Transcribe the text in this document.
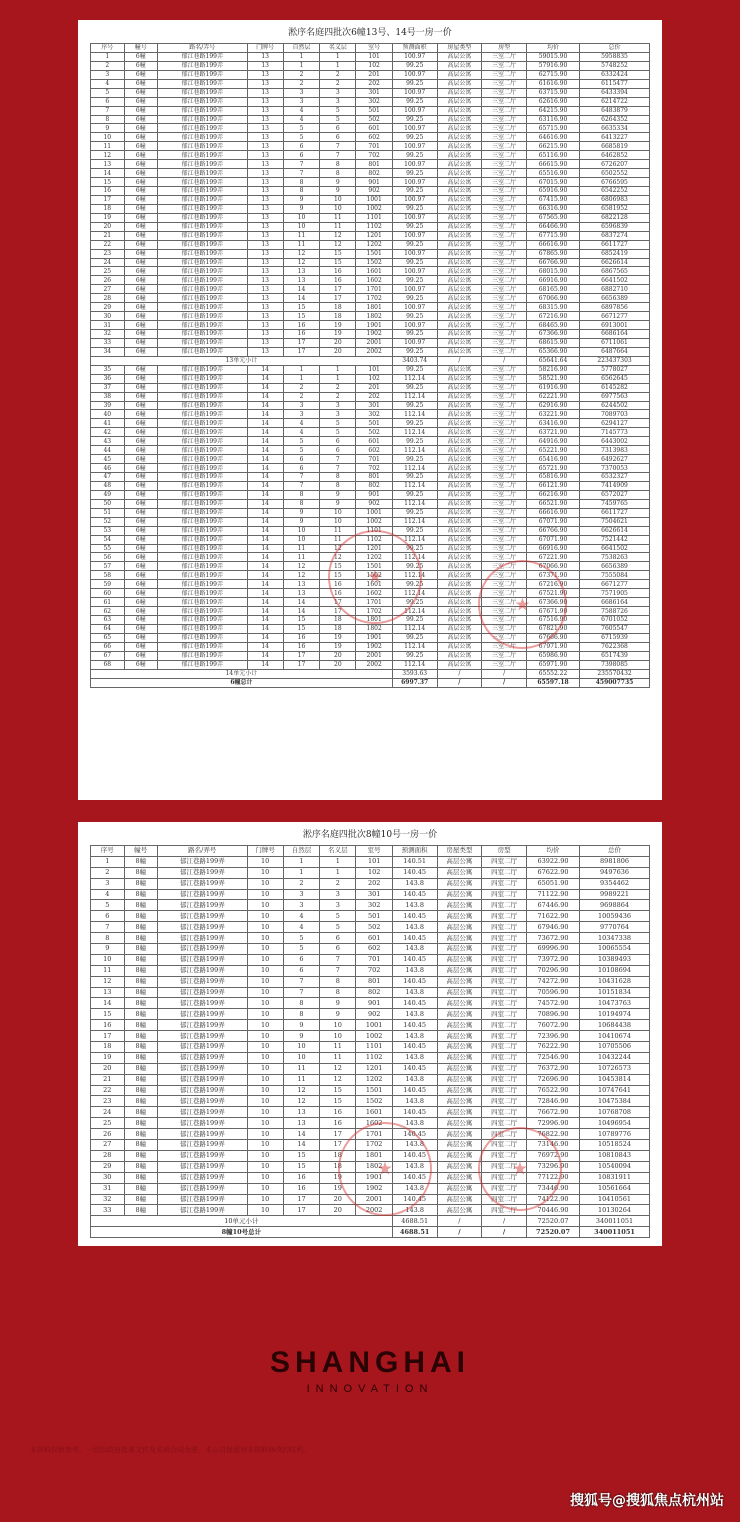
淞序名庭四批次6幢13号、14号一房一价
序号	幢号	路名/弄号	门牌号	自然层	名义层	室号	预测面积	房屋类型	房型	均价	总价
1	6幢	郁江巷路199弄	13	1	1	101	100.97	高层公寓	三室二厅	59015.90	5958835
2	6幢	郁江巷路199弄	13	1	1	102	99.25	高层公寓	三室二厅	57916.90	5748252
3	6幢	郁江巷路199弄	13	2	2	201	100.97	高层公寓	三室二厅	62715.90	6332424
4	6幢	郁江巷路199弄	13	2	2	202	99.25	高层公寓	三室二厅	61616.90	6115477
5	6幢	郁江巷路199弄	13	3	3	301	100.97	高层公寓	三室二厅	63715.90	6433394
6	6幢	郁江巷路199弄	13	3	3	302	99.25	高层公寓	三室二厅	62616.90	6214722
7	6幢	郁江巷路199弄	13	4	5	501	100.97	高层公寓	三室二厅	64215.90	6483879
8	6幢	郁江巷路199弄	13	4	5	502	99.25	高层公寓	三室二厅	63116.90	6264352
9	6幢	郁江巷路199弄	13	5	6	601	100.97	高层公寓	三室二厅	65715.90	6635334
10	6幢	郁江巷路199弄	13	5	6	602	99.25	高层公寓	三室二厅	64616.90	6413227
11	6幢	郁江巷路199弄	13	6	7	701	100.97	高层公寓	三室二厅	66215.90	6685819
12	6幢	郁江巷路199弄	13	6	7	702	99.25	高层公寓	三室二厅	65116.90	6462852
13	6幢	郁江巷路199弄	13	7	8	801	100.97	高层公寓	三室二厅	66615.90	6726207
14	6幢	郁江巷路199弄	13	7	8	802	99.25	高层公寓	三室二厅	65516.90	6502552
15	6幢	郁江巷路199弄	13	8	9	901	100.97	高层公寓	三室二厅	67015.90	6766595
16	6幢	郁江巷路199弄	13	8	9	902	99.25	高层公寓	三室二厅	65916.90	6542252
17	6幢	郁江巷路199弄	13	9	10	1001	100.97	高层公寓	三室二厅	67415.90	6806983
18	6幢	郁江巷路199弄	13	9	10	1002	99.25	高层公寓	三室二厅	66316.90	6581952
19	6幢	郁江巷路199弄	13	10	11	1101	100.97	高层公寓	三室二厅	67565.90	6822128
20	6幢	郁江巷路199弄	13	10	11	1102	99.25	高层公寓	三室二厅	66466.90	6596839
21	6幢	郁江巷路199弄	13	11	12	1201	100.97	高层公寓	三室二厅	67715.90	6837274
22	6幢	郁江巷路199弄	13	11	12	1202	99.25	高层公寓	三室二厅	66616.90	6611727
23	6幢	郁江巷路199弄	13	12	15	1501	100.97	高层公寓	三室二厅	67865.90	6852419
24	6幢	郁江巷路199弄	13	12	15	1502	99.25	高层公寓	三室二厅	66766.90	6626614
25	6幢	郁江巷路199弄	13	13	16	1601	100.97	高层公寓	三室二厅	68015.90	6867565
26	6幢	郁江巷路199弄	13	13	16	1602	99.25	高层公寓	三室二厅	66916.90	6641502
27	6幢	郁江巷路199弄	13	14	17	1701	100.97	高层公寓	三室二厅	68165.90	6882710
28	6幢	郁江巷路199弄	13	14	17	1702	99.25	高层公寓	三室二厅	67066.90	6656389
29	6幢	郁江巷路199弄	13	15	18	1801	100.97	高层公寓	三室二厅	68315.90	6897856
30	6幢	郁江巷路199弄	13	15	18	1802	99.25	高层公寓	三室二厅	67216.90	6671277
31	6幢	郁江巷路199弄	13	16	19	1901	100.97	高层公寓	三室二厅	68465.90	6913001
32	6幢	郁江巷路199弄	13	16	19	1902	99.25	高层公寓	三室二厅	67366.90	6686164
33	6幢	郁江巷路199弄	13	17	20	2001	100.97	高层公寓	三室二厅	68615.90	6711061
34	6幢	郁江巷路199弄	13	17	20	2002	99.25	高层公寓	三室二厅	65366.90	6487664
13单元小计							3403.74	/	/	65641.64	223437303
35	6幢	郁江巷路199弄	14	1	1	101	99.25	高层公寓	三室二厅	58216.90	5778027
36	6幢	郁江巷路199弄	14	1	1	102	112.14	高层公寓	三室二厅	58521.90	6562645
37	6幢	郁江巷路199弄	14	2	2	201	99.25	高层公寓	三室二厅	61916.90	6145282
38	6幢	郁江巷路199弄	14	2	2	202	112.14	高层公寓	三室二厅	62221.90	6977563
39	6幢	郁江巷路199弄	14	3	3	301	99.25	高层公寓	三室二厅	62916.90	6244502
40	6幢	郁江巷路199弄	14	3	3	302	112.14	高层公寓	三室二厅	63221.90	7089703
41	6幢	郁江巷路199弄	14	4	5	501	99.25	高层公寓	三室二厅	63416.90	6294127
42	6幢	郁江巷路199弄	14	4	5	502	112.14	高层公寓	三室二厅	63721.90	7145773
43	6幢	郁江巷路199弄	14	5	6	601	99.25	高层公寓	三室二厅	64916.90	6443002
44	6幢	郁江巷路199弄	14	5	6	602	112.14	高层公寓	三室二厅	65221.90	7313983
45	6幢	郁江巷路199弄	14	6	7	701	99.25	高层公寓	三室二厅	65416.90	6492627
46	6幢	郁江巷路199弄	14	6	7	702	112.14	高层公寓	三室二厅	65721.90	7370053
47	6幢	郁江巷路199弄	14	7	8	801	99.25	高层公寓	三室二厅	65816.90	6532327
48	6幢	郁江巷路199弄	14	7	8	802	112.14	高层公寓	三室二厅	66121.90	7414909
49	6幢	郁江巷路199弄	14	8	9	901	99.25	高层公寓	三室二厅	66216.90	6572027
50	6幢	郁江巷路199弄	14	8	9	902	112.14	高层公寓	三室二厅	66521.90	7459765
51	6幢	郁江巷路199弄	14	9	10	1001	99.25	高层公寓	三室二厅	66616.90	6611727
52	6幢	郁江巷路199弄	14	9	10	1002	112.14	高层公寓	三室二厅	67071.90	7504621
53	6幢	郁江巷路199弄	14	10	11	1101	99.25	高层公寓	三室二厅	66766.90	6626614
54	6幢	郁江巷路199弄	14	10	11	1102	112.14	高层公寓	三室二厅	67071.90	7521442
55	6幢	郁江巷路199弄	14	11	12	1201	99.25	高层公寓	三室二厅	66916.90	6641502
56	6幢	郁江巷路199弄	14	11	12	1202	112.14	高层公寓	三室二厅	67221.90	7538263
57	6幢	郁江巷路199弄	14	12	15	1501	99.25	高层公寓	三室二厅	67066.90	6656389
58	6幢	郁江巷路199弄	14	12	15	1502	112.14	高层公寓	三室二厅	67371.90	7555084
59	6幢	郁江巷路199弄	14	13	16	1601	99.25	高层公寓	三室二厅	67216.90	6671277
60	6幢	郁江巷路199弄	14	13	16	1602	112.14	高层公寓	三室二厅	67521.90	7571905
61	6幢	郁江巷路199弄	14	14	17	1701	99.25	高层公寓	三室二厅	67366.90	6686164
62	6幢	郁江巷路199弄	14	14	17	1702	112.14	高层公寓	三室二厅	67671.90	7588726
63	6幢	郁江巷路199弄	14	15	18	1801	99.25	高层公寓	三室二厅	67516.90	6701052
64	6幢	郁江巷路199弄	14	15	18	1802	112.14	高层公寓	三室二厅	67821.90	7605547
65	6幢	郁江巷路199弄	14	16	19	1901	99.25	高层公寓	三室二厅	67666.90	6715939
66	6幢	郁江巷路199弄	14	16	19	1902	112.14	高层公寓	三室二厅	67971.90	7622368
67	6幢	郁江巷路199弄	14	17	20	2001	99.25	高层公寓	三室二厅	65986.90	6517439
68	6幢	郁江巷路199弄	14	17	20	2002	112.14	高层公寓	三室二厅	65971.90	7398085
14单元小计							3593.63	/	/	65552.22	235570432
6幢总计							6997.37	/	/	65597.18	459007735
★
★
淞序名庭四批次8幢10号一房一价
序号	幢号	路名/弄号	门牌号	自然层	名义层	室号	预测面积	房屋类型	房型	均价	总价
1	8幢	郁江巷路199弄	10	1	1	101	140.51	高层公寓	四室二厅	63922.90	8981806
2	8幢	郁江巷路199弄	10	1	1	102	140.45	高层公寓	四室二厅	67622.90	9497636
3	8幢	郁江巷路199弄	10	2	2	202	143.8	高层公寓	四室二厅	65051.90	9354462
4	8幢	郁江巷路199弄	10	3	3	301	140.45	高层公寓	四室二厅	71122.90	9989221
5	8幢	郁江巷路199弄	10	3	3	302	143.8	高层公寓	四室二厅	67446.90	9698864
6	8幢	郁江巷路199弄	10	4	5	501	140.45	高层公寓	四室二厅	71622.90	10059436
7	8幢	郁江巷路199弄	10	4	5	502	143.8	高层公寓	四室二厅	67946.90	9770764
8	8幢	郁江巷路199弄	10	5	6	601	140.45	高层公寓	四室二厅	73672.90	10347338
9	8幢	郁江巷路199弄	10	5	6	602	143.8	高层公寓	四室二厅	69996.90	10065554
10	8幢	郁江巷路199弄	10	6	7	701	140.45	高层公寓	四室二厅	73972.90	10389493
11	8幢	郁江巷路199弄	10	6	7	702	143.8	高层公寓	四室二厅	70296.90	10108694
12	8幢	郁江巷路199弄	10	7	8	801	140.45	高层公寓	四室二厅	74272.90	10431628
13	8幢	郁江巷路199弄	10	7	8	802	143.8	高层公寓	四室二厅	70596.90	10151834
14	8幢	郁江巷路199弄	10	8	9	901	140.45	高层公寓	四室二厅	74572.90	10473763
15	8幢	郁江巷路199弄	10	8	9	902	143.8	高层公寓	四室二厅	70896.90	10194974
16	8幢	郁江巷路199弄	10	9	10	1001	140.45	高层公寓	四室二厅	76072.90	10684438
17	8幢	郁江巷路199弄	10	9	10	1002	143.8	高层公寓	四室二厅	72396.90	10410674
18	8幢	郁江巷路199弄	10	10	11	1101	140.45	高层公寓	四室二厅	76222.90	10705506
19	8幢	郁江巷路199弄	10	10	11	1102	143.8	高层公寓	四室二厅	72546.90	10432244
20	8幢	郁江巷路199弄	10	11	12	1201	140.45	高层公寓	四室二厅	76372.90	10726573
21	8幢	郁江巷路199弄	10	11	12	1202	143.8	高层公寓	四室二厅	72696.90	10453814
22	8幢	郁江巷路199弄	10	12	15	1501	140.45	高层公寓	四室二厅	76522.90	10747641
23	8幢	郁江巷路199弄	10	12	15	1502	143.8	高层公寓	四室二厅	72846.90	10475384
24	8幢	郁江巷路199弄	10	13	16	1601	140.45	高层公寓	四室二厅	76672.90	10768708
25	8幢	郁江巷路199弄	10	13	16	1602	143.8	高层公寓	四室二厅	72996.90	10496954
26	8幢	郁江巷路199弄	10	14	17	1701	140.45	高层公寓	四室二厅	76822.90	10789776
27	8幢	郁江巷路199弄	10	14	17	1702	143.8	高层公寓	四室二厅	73146.90	10518524
28	8幢	郁江巷路199弄	10	15	18	1801	140.45	高层公寓	四室二厅	76972.90	10810843
29	8幢	郁江巷路199弄	10	15	18	1802	143.8	高层公寓	四室二厅	73296.90	10540094
30	8幢	郁江巷路199弄	10	16	19	1901	140.45	高层公寓	四室二厅	77122.90	10831911
31	8幢	郁江巷路199弄	10	16	19	1902	143.8	高层公寓	四室二厅	73446.90	10561664
32	8幢	郁江巷路199弄	10	17	20	2001	140.45	高层公寓	四室二厅	74122.90	10410561
33	8幢	郁江巷路199弄	10	17	20	2002	143.8	高层公寓	四室二厅	70446.90	10130264
10单元小计							4688.51	/	/	72520.07	340011051
8幢10号总计							4688.51	/	/	72520.07	340011051
★
★
SHANGHAI
INNOVATION
本资料仅供参考，一切以政府批准文件及买卖合同为准，本公司保留对本资料修改的权利。
搜狐号@搜狐焦点杭州站
